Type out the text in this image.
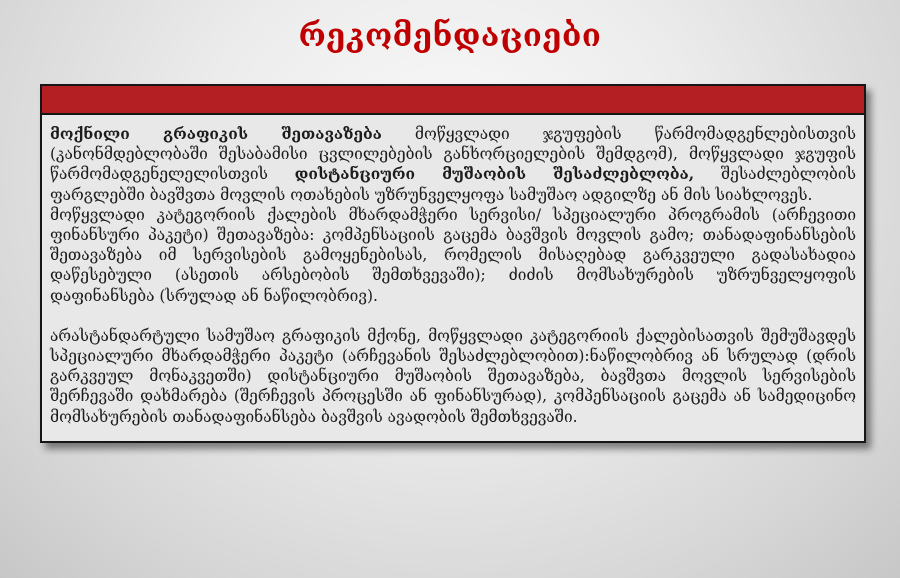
რეკომენდაციები

მოქნილი გრაფიკის შეთავაზება მოწყვლადი ჯგუფების წარმომადგენლებისთვის (კანონმდებლობაში შესაბამისი ცვლილებების განხორციელების შემდგომ), მოწყვლადი ჯგუფის წარმომადგენელელისთვის დისტანციური მუშაობის შესაძლებლობა, შესაძლებლობის ფარგლებში ბავშვთა მოვლის ოთახების უზრუნველყოფა სამუშაო ადგილზე ან მის სიახლოვეს.

მოწყვლადი კატეგორიის ქალების მხარდამჭერი სერვისი/ სპეციალური პროგრამის (არჩევითი ფინანსური პაკეტი) შეთავაზება: კომპენსაციის გაცემა ბავშვის მოვლის გამო; თანადაფინანსების შეთავაზება იმ სერვისების გამოყენებისას, რომელის მისაღებად გარკვეული გადასახადია დაწესებული (ასეთის არსებობის შემთხვევაში); ძიძის მომსახურების უზრუნველყოფის დაფინანსება (სრულად ან ნაწილობრივ).

არასტანდარტული სამუშაო გრაფიკის მქონე, მოწყვლადი კატეგორიის ქალებისათვის შემუშავდეს სპეციალური მხარდამჭერი პაკეტი (არჩევანის შესაძლებლობით):ნაწილობრივ ან სრულად (დრის გარკვეულ მონაკვეთში) დისტანციური მუშაობის შეთავაზება, ბავშვთა მოვლის სერვისების შერჩევაში დახმარება (შერჩევის პროცესში ან ფინანსურად), კომპენსაციის გაცემა ან სამედიცინო მომსახურების თანადაფინანსება ბავშვის ავადობის შემთხვევაში.
